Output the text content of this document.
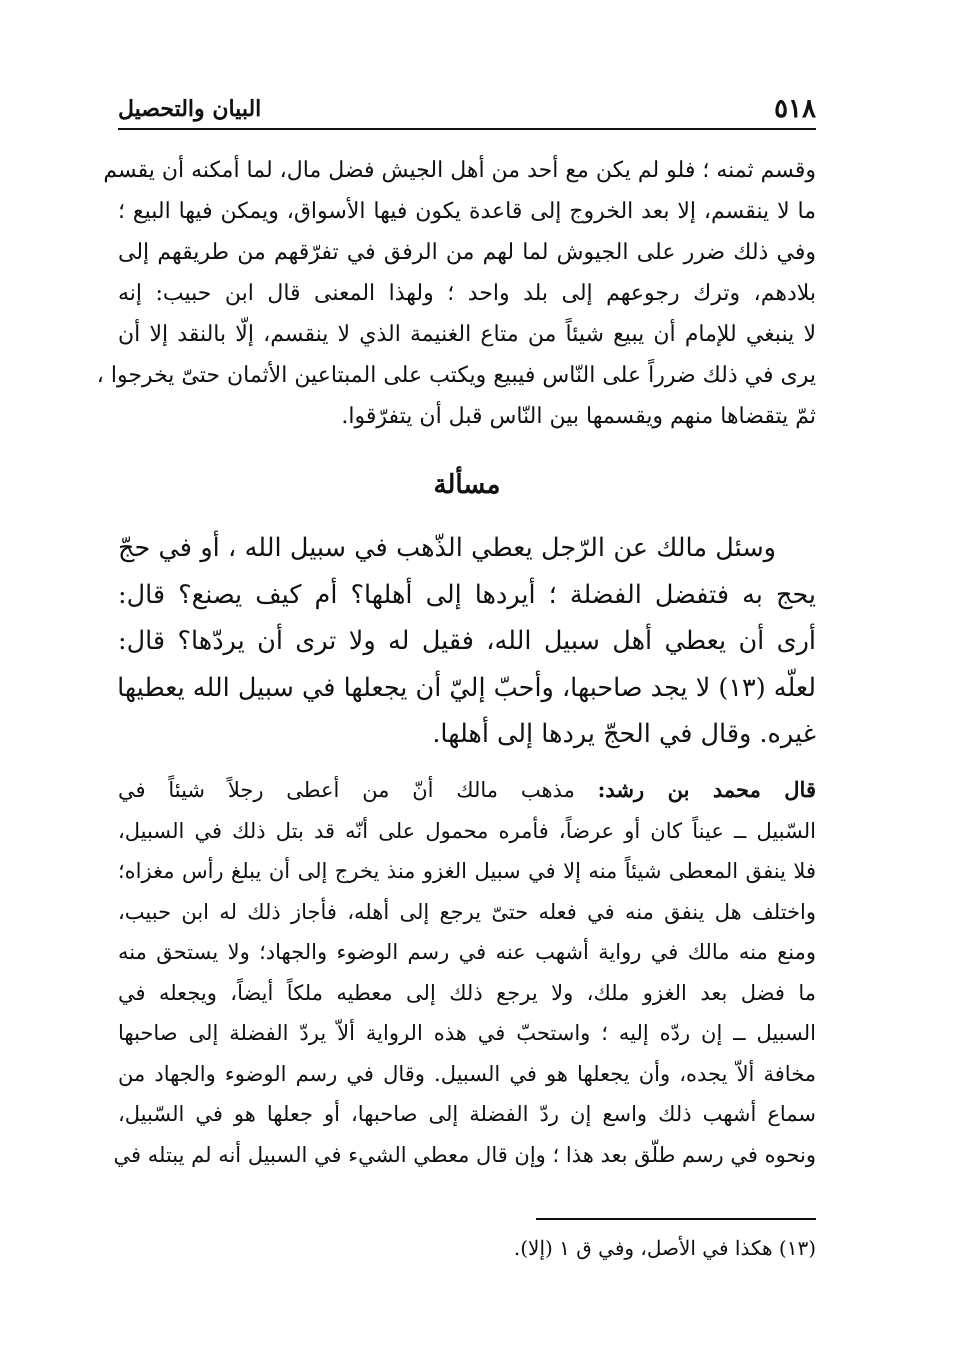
٥١٨
البيان والتحصيل
وقسم ثمنه ؛ فلو لم يكن مع أحد من أهل الجيش فضل مال، لما أمكنه أن يقسم
ما لا ينقسم، إلا بعد الخروج إلى قاعدة يكون فيها الأسواق، ويمكن فيها البيع ؛
وفي ذلك ضرر على الجيوش لما لهم من الرفق في تفرّقهم من طريقهم إلى
بلادهم، وترك رجوعهم إلى بلد واحد ؛ ولهذا المعنى قال ابن حبيب: إنه
لا ينبغي للإمام أن يبيع شيئاً من متاع الغنيمة الذي لا ينقسم، إلّا بالنقد إلا أن
يرى في ذلك ضرراً على النّاس فيبيع ويكتب على المبتاعين الأثمان حتىّ يخرجوا ،
ثمّ يتقضاها منهم ويقسمها بين النّاس قبل أن يتفرّقوا.
مسألة
وسئل مالك عن الرّجل يعطي الذّهب في سبيل الله ، أو في حجّ
يحج به فتفضل الفضلة ؛ أيردها إلى أهلها؟ أم كيف يصنع؟ قال:
أرى أن يعطي أهل سبيل الله، فقيل له ولا ترى أن يردّها؟ قال:
لعلّه (١٣) لا يجد صاحبها، وأحبّ إليّ أن يجعلها في سبيل الله يعطيها
غيره. وقال في الحجّ يردها إلى أهلها.
قال محمد بن رشد: مذهب مالك أنّ من أعطى رجلاً شيئاً في
السّبيل ــ عيناً كان أو عرضاً، فأمره محمول على أنّه قد بتل ذلك في السبيل،
فلا ينفق المعطى شيئاً منه إلا في سبيل الغزو منذ يخرج إلى أن يبلغ رأس مغزاه؛
واختلف هل ينفق منه في فعله حتىّ يرجع إلى أهله، فأجاز ذلك له ابن حبيب،
ومنع منه مالك في رواية أشهب عنه في رسم الوضوء والجهاد؛ ولا يستحق منه
ما فضل بعد الغزو ملك، ولا يرجع ذلك إلى معطيه ملكاً أيضاً، ويجعله في
السبيل ــ إن ردّه إليه ؛ واستحبّ في هذه الرواية ألاّ يردّ الفضلة إلى صاحبها
مخافة ألاّ يجده، وأن يجعلها هو في السبيل. وقال في رسم الوضوء والجهاد من
سماع أشهب ذلك واسع إن ردّ الفضلة إلى صاحبها، أو جعلها هو في السّبيل،
ونحوه في رسم طلّق بعد هذا ؛ وإن قال معطي الشيء في السبيل أنه لم يبتله في
(١٣) هكذا في الأصل، وفي ق ١ (إلا).
